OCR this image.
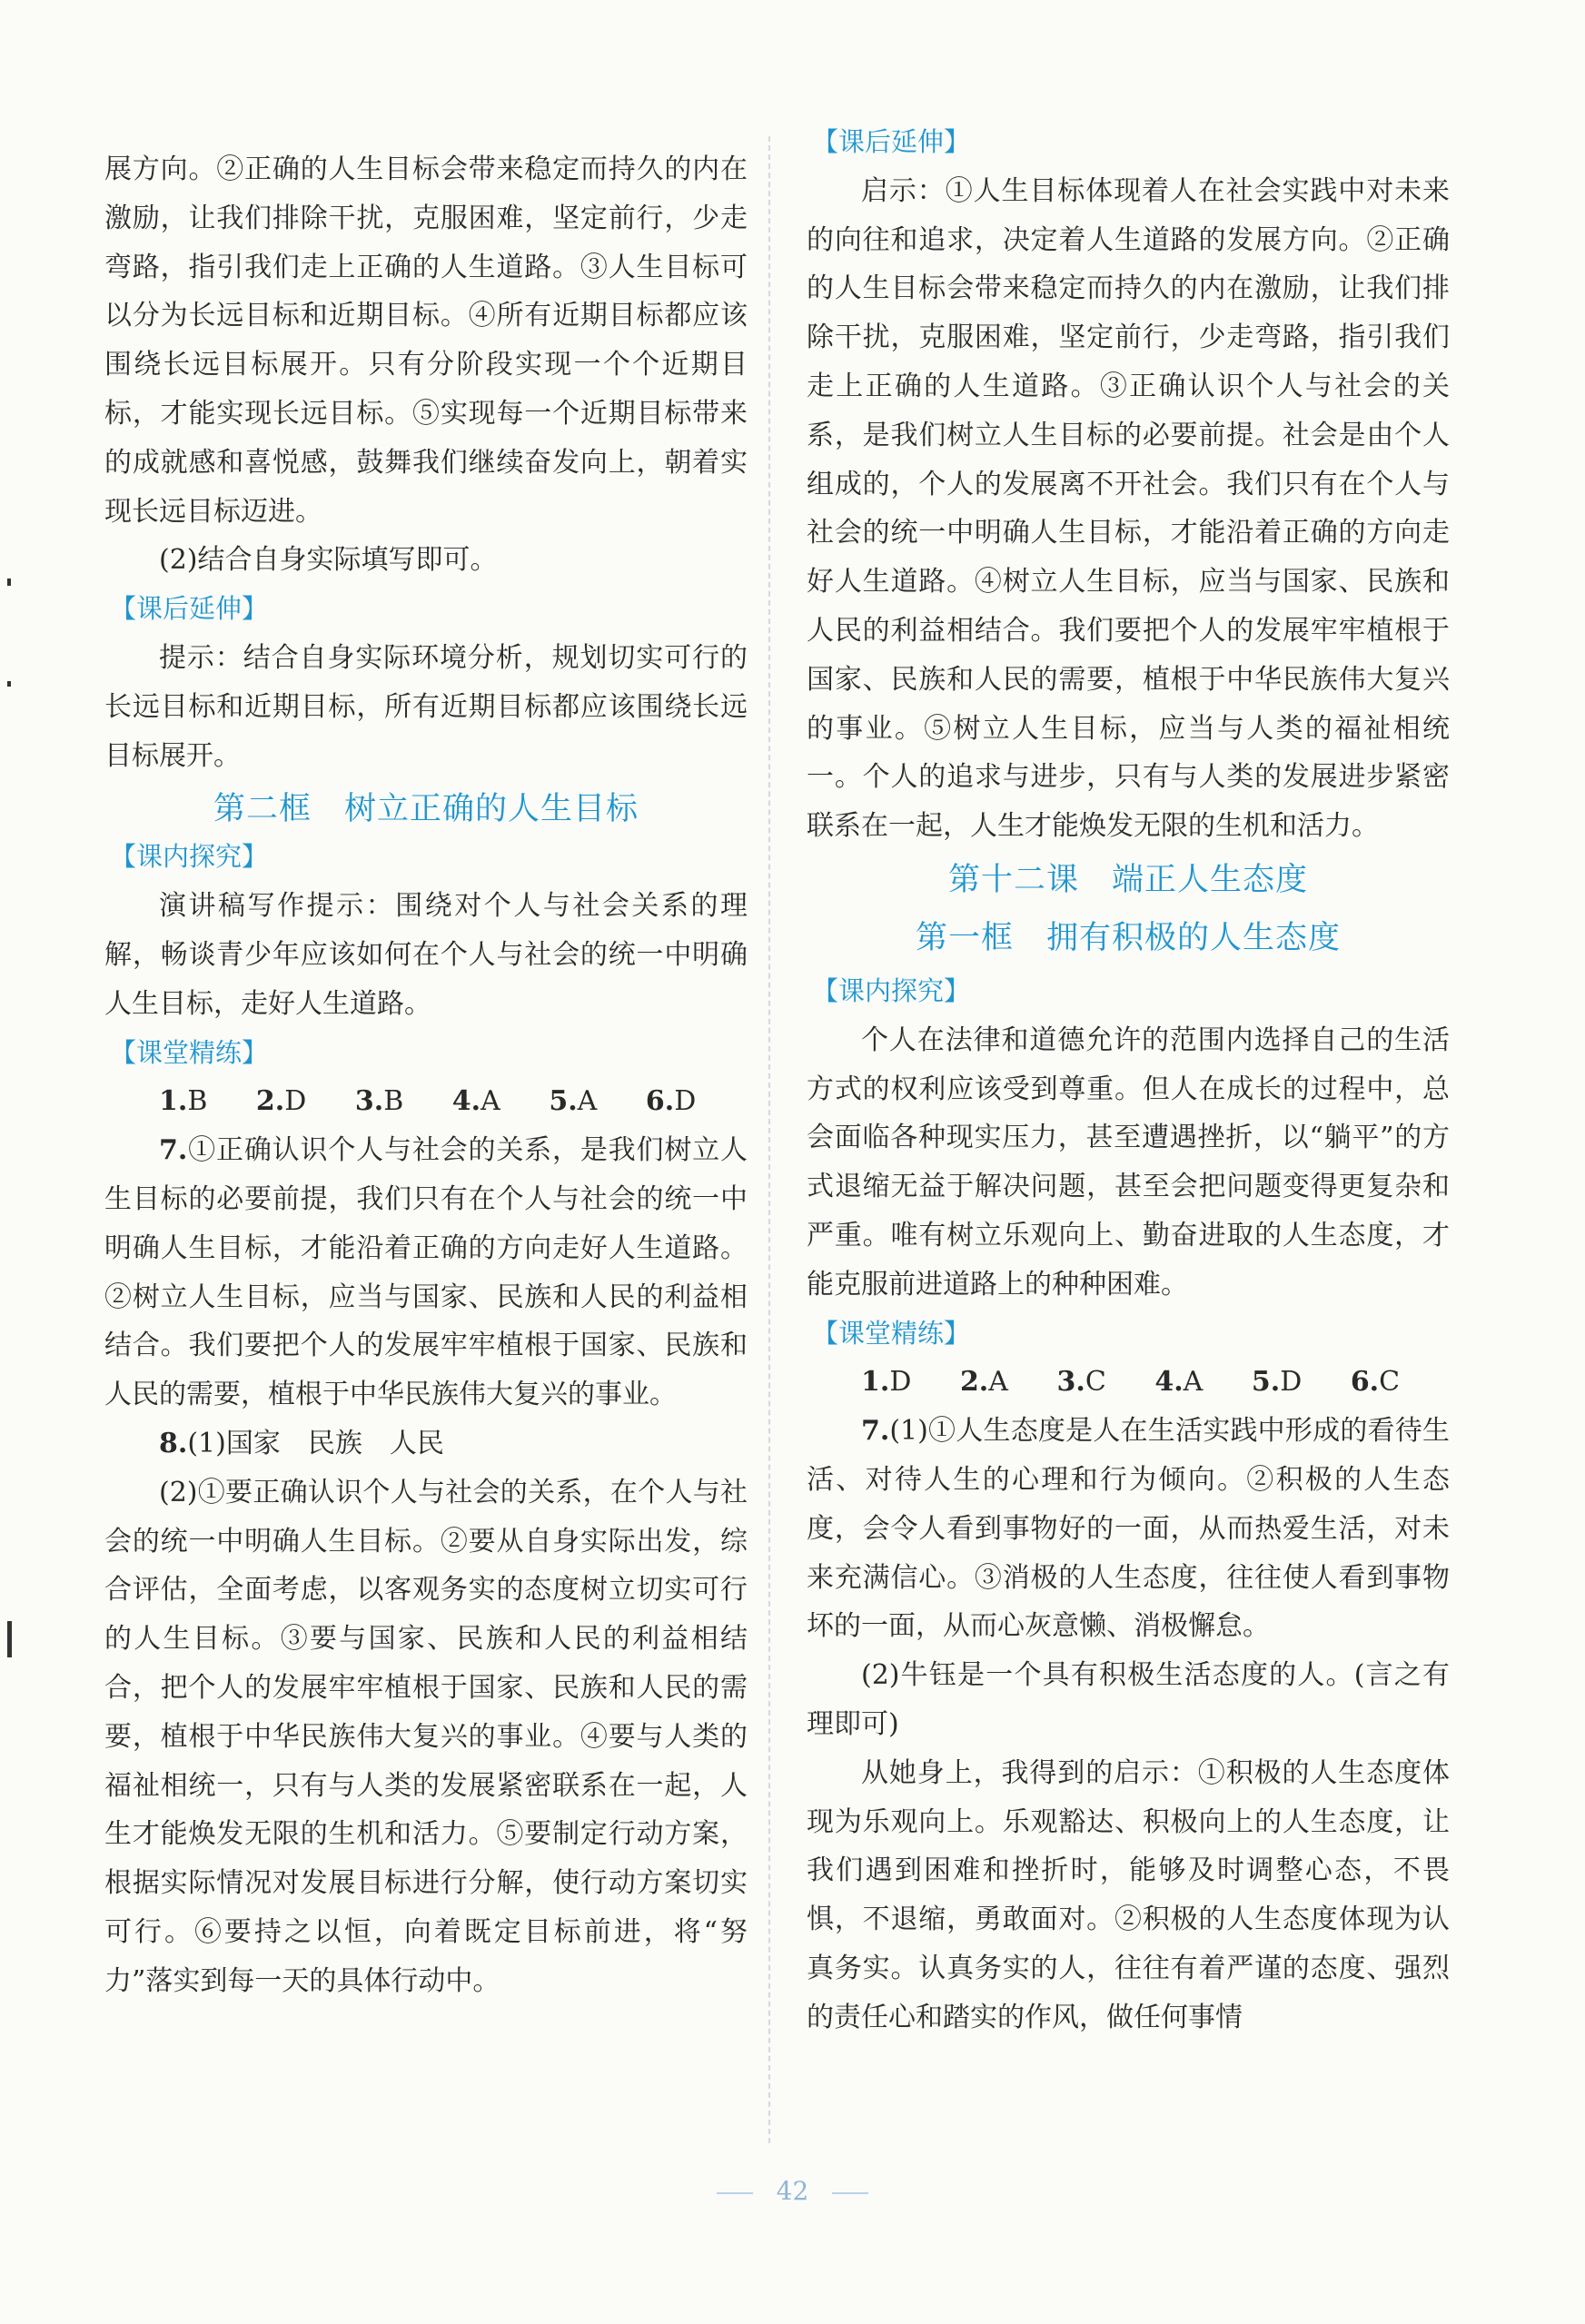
展方向。②正确的人生目标会带来稳定而持久的内在激励，让我们排除干扰，克服困难，坚定前行，少走弯路，指引我们走上正确的人生道路。③人生目标可以分为长远目标和近期目标。④所有近期目标都应该围绕长远目标展开。只有分阶段实现一个个近期目标，才能实现长远目标。⑤实现每一个近期目标带来的成就感和喜悦感，鼓舞我们继续奋发向上，朝着实现长远目标迈进。

(2)结合自身实际填写即可。

【课后延伸】

提示：结合自身实际环境分析，规划切实可行的长远目标和近期目标，所有近期目标都应该围绕长远目标展开。

第二框　树立正确的人生目标

【课内探究】

演讲稿写作提示：围绕对个人与社会关系的理解，畅谈青少年应该如何在个人与社会的统一中明确人生目标，走好人生道路。

【课堂精练】

1.B 2.D 3.B 4.A 5.A 6.D

7.①正确认识个人与社会的关系，是我们树立人生目标的必要前提，我们只有在个人与社会的统一中明确人生目标，才能沿着正确的方向走好人生道路。②树立人生目标，应当与国家、民族和人民的利益相结合。我们要把个人的发展牢牢植根于国家、民族和人民的需要，植根于中华民族伟大复兴的事业。

8.(1)国家　民族　人民

(2)①要正确认识个人与社会的关系，在个人与社会的统一中明确人生目标。②要从自身实际出发，综合评估，全面考虑，以客观务实的态度树立切实可行的人生目标。③要与国家、民族和人民的利益相结合，把个人的发展牢牢植根于国家、民族和人民的需要，植根于中华民族伟大复兴的事业。④要与人类的福祉相统一，只有与人类的发展紧密联系在一起，人生才能焕发无限的生机和活力。⑤要制定行动方案，根据实际情况对发展目标进行分解，使行动方案切实可行。⑥要持之以恒，向着既定目标前进，将“努力”落实到每一天的具体行动中。

【课后延伸】

启示：①人生目标体现着人在社会实践中对未来的向往和追求，决定着人生道路的发展方向。②正确的人生目标会带来稳定而持久的内在激励，让我们排除干扰，克服困难，坚定前行，少走弯路，指引我们走上正确的人生道路。③正确认识个人与社会的关系，是我们树立人生目标的必要前提。社会是由个人组成的，个人的发展离不开社会。我们只有在个人与社会的统一中明确人生目标，才能沿着正确的方向走好人生道路。④树立人生目标，应当与国家、民族和人民的利益相结合。我们要把个人的发展牢牢植根于国家、民族和人民的需要，植根于中华民族伟大复兴的事业。⑤树立人生目标，应当与人类的福祉相统一。个人的追求与进步，只有与人类的发展进步紧密联系在一起，人生才能焕发无限的生机和活力。

第十二课　端正人生态度

第一框　拥有积极的人生态度

【课内探究】

个人在法律和道德允许的范围内选择自己的生活方式的权利应该受到尊重。但人在成长的过程中，总会面临各种现实压力，甚至遭遇挫折，以“躺平”的方式退缩无益于解决问题，甚至会把问题变得更复杂和严重。唯有树立乐观向上、勤奋进取的人生态度，才能克服前进道路上的种种困难。

【课堂精练】

1.D 2.A 3.C 4.A 5.D 6.C

7.(1)①人生态度是人在生活实践中形成的看待生活、对待人生的心理和行为倾向。②积极的人生态度，会令人看到事物好的一面，从而热爱生活，对未来充满信心。③消极的人生态度，往往使人看到事物坏的一面，从而心灰意懒、消极懈怠。

(2)牛钰是一个具有积极生活态度的人。(言之有理即可)

从她身上，我得到的启示：①积极的人生态度体现为乐观向上。乐观豁达、积极向上的人生态度，让我们遇到困难和挫折时，能够及时调整心态，不畏惧，不退缩，勇敢面对。②积极的人生态度体现为认真务实。认真务实的人，往往有着严谨的态度、强烈的责任心和踏实的作风，做任何事情

42
